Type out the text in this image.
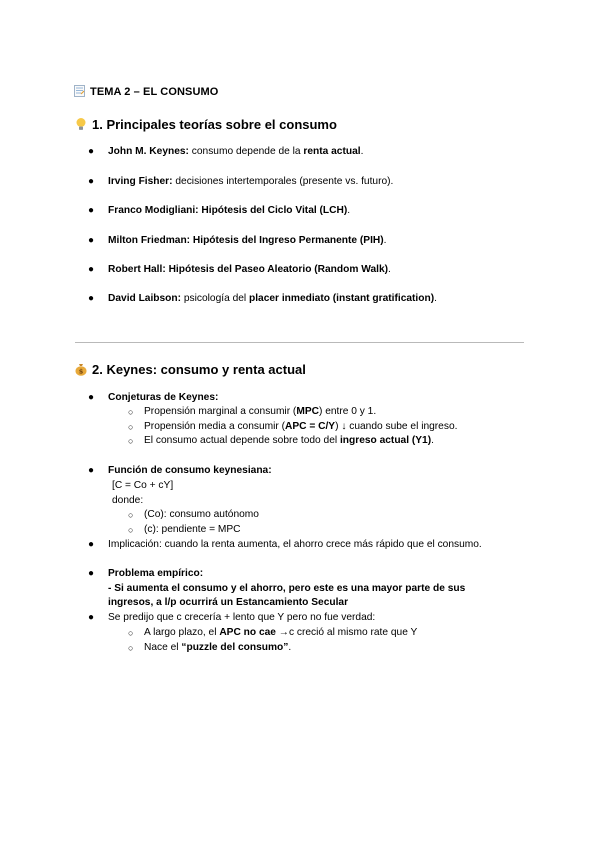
TEMA 2 – EL CONSUMO
1. Principales teorías sobre el consumo
● John M. Keynes: consumo depende de la renta actual.
● Irving Fisher: decisiones intertemporales (presente vs. futuro).
● Franco Modigliani: Hipótesis del Ciclo Vital (LCH).
● Milton Friedman: Hipótesis del Ingreso Permanente (PIH).
● Robert Hall: Hipótesis del Paseo Aleatorio (Random Walk).
● David Laibson: psicología del placer inmediato (instant gratification).
$ 2. Keynes: consumo y renta actual
● Conjeturas de Keynes:
○ Propensión marginal a consumir (MPC) entre 0 y 1.
○ Propensión media a consumir (APC = C/Y) ↓ cuando sube el ingreso.
○ El consumo actual depende sobre todo del ingreso actual (Y1).
● Función de consumo keynesiana:
[C = Co + cY]
donde:
○ (Co): consumo autónomo
○ (c): pendiente = MPC
● Implicación: cuando la renta aumenta, el ahorro crece más rápido que el consumo.
● Problema empírico:
- Si aumenta el consumo y el ahorro, pero este es una mayor parte de sus
ingresos, a l/p ocurrirá un Estancamiento Secular
● Se predijo que c crecería + lento que Y pero no fue verdad:
○ A largo plazo, el APC no cae →c creció al mismo rate que Y
○ Nace el “puzzle del consumo”.
